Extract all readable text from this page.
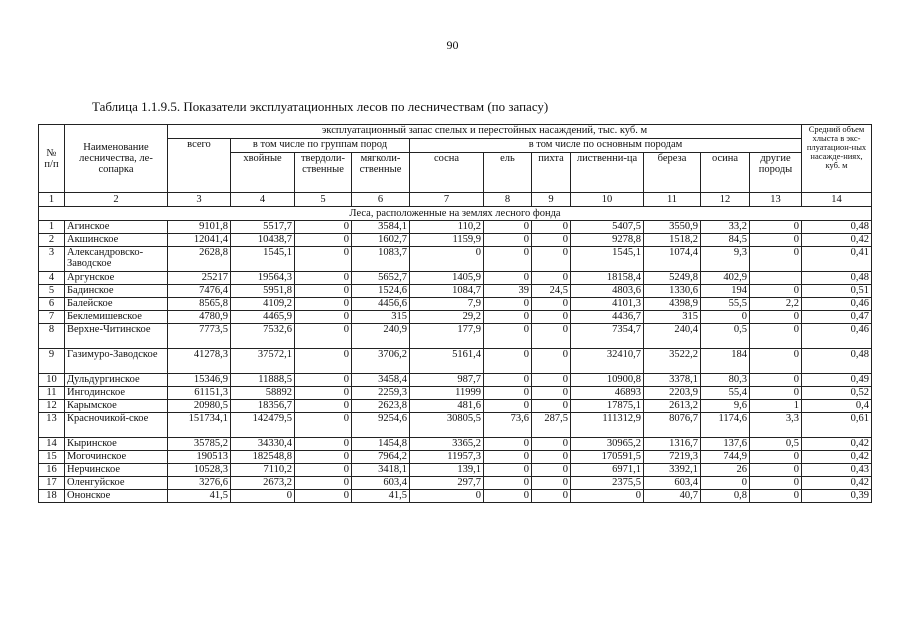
90
Таблица 1.1.9.5. Показатели эксплуатационных лесов по лесничествам (по запасу)
№ п/п	Наименование лесничества, ле-сопарка	эксплуатационный запас спелых и перестойных насаждений, тыс. куб. м											Средний объем хлыста в экс-плуатацион-ных насажде-ниях, куб. м
		всего	в том числе по группам пород			в том числе по основным породам							
			хвойные	твердоли-ственные	мягколи-ственные	сосна	ель	пихта	лиственни-ца	береза	осина	другие породы	
1	2	3	4	5	6	7	8	9	10	11	12	13	14
Леса, расположенные на землях лесного фонда													
1	Агинское	9101,8	5517,7	0	3584,1	110,2	0	0	5407,5	3550,9	33,2	0	0,48
2	Акшинское	12041,4	10438,7	0	1602,7	1159,9	0	0	9278,8	1518,2	84,5	0	0,42
3	Александровско-Заводское	2628,8	1545,1	0	1083,7	0	0	0	1545,1	1074,4	9,3	0	0,41
4	Аргунское	25217	19564,3	0	5652,7	1405,9	0	0	18158,4	5249,8	402,9		0,48
5	Бадинское	7476,4	5951,8	0	1524,6	1084,7	39	24,5	4803,6	1330,6	194	0	0,51
6	Балейское	8565,8	4109,2	0	4456,6	7,9	0	0	4101,3	4398,9	55,5	2,2	0,46
7	Беклемишевское	4780,9	4465,9	0	315	29,2	0	0	4436,7	315	0	0	0,47
8	Верхне-Читинское	7773,5	7532,6	0	240,9	177,9	0	0	7354,7	240,4	0,5	0	0,46
9	Газимуро-Заводское	41278,3	37572,1	0	3706,2	5161,4	0	0	32410,7	3522,2	184	0	0,48
10	Дульдургинское	15346,9	11888,5	0	3458,4	987,7	0	0	10900,8	3378,1	80,3	0	0,49
11	Ингодинское	61151,3	58892	0	2259,3	11999	0	0	46893	2203,9	55,4	0	0,52
12	Карымское	20980,5	18356,7	0	2623,8	481,6	0	0	17875,1	2613,2	9,6	1	0,4
13	Красночикой-ское	151734,1	142479,5	0	9254,6	30805,5	73,6	287,5	111312,9	8076,7	1174,6	3,3	0,61
14	Кыринское	35785,2	34330,4	0	1454,8	3365,2	0	0	30965,2	1316,7	137,6	0,5	0,42
15	Могочинское	190513	182548,8	0	7964,2	11957,3	0	0	170591,5	7219,3	744,9	0	0,42
16	Нерчинское	10528,3	7110,2	0	3418,1	139,1	0	0	6971,1	3392,1	26	0	0,43
17	Оленгуйское	3276,6	2673,2	0	603,4	297,7	0	0	2375,5	603,4	0	0	0,42
18	Ононское	41,5	0	0	41,5	0	0	0	0	40,7	0,8	0	0,39
